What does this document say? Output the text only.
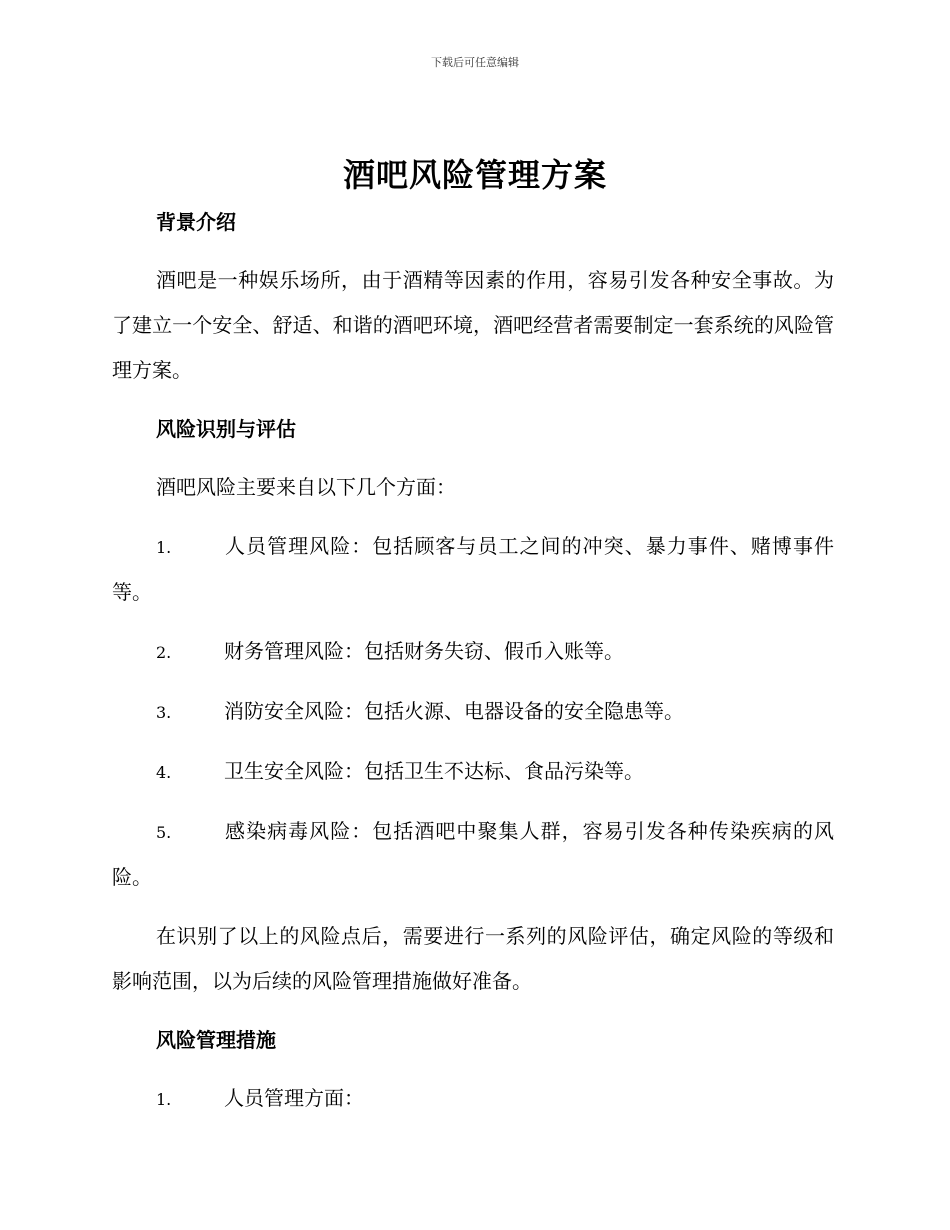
下载后可任意编辑
酒吧风险管理方案
背景介绍
酒吧是一种娱乐场所，由于酒精等因素的作用，容易引发各种安全事故。为了建立一个安全、舒适、和谐的酒吧环境，酒吧经营者需要制定一套系统的风险管理方案。
风险识别与评估
酒吧风险主要来自以下几个方面：
1.	人员管理风险：包括顾客与员工之间的冲突、暴力事件、赌博事件等。
2.	财务管理风险：包括财务失窃、假币入账等。
3.	消防安全风险：包括火源、电器设备的安全隐患等。
4.	卫生安全风险：包括卫生不达标、食品污染等。
5.	感染病毒风险：包括酒吧中聚集人群，容易引发各种传染疾病的风险。
在识别了以上的风险点后，需要进行一系列的风险评估，确定风险的等级和影响范围，以为后续的风险管理措施做好准备。
风险管理措施
1.	人员管理方面：
